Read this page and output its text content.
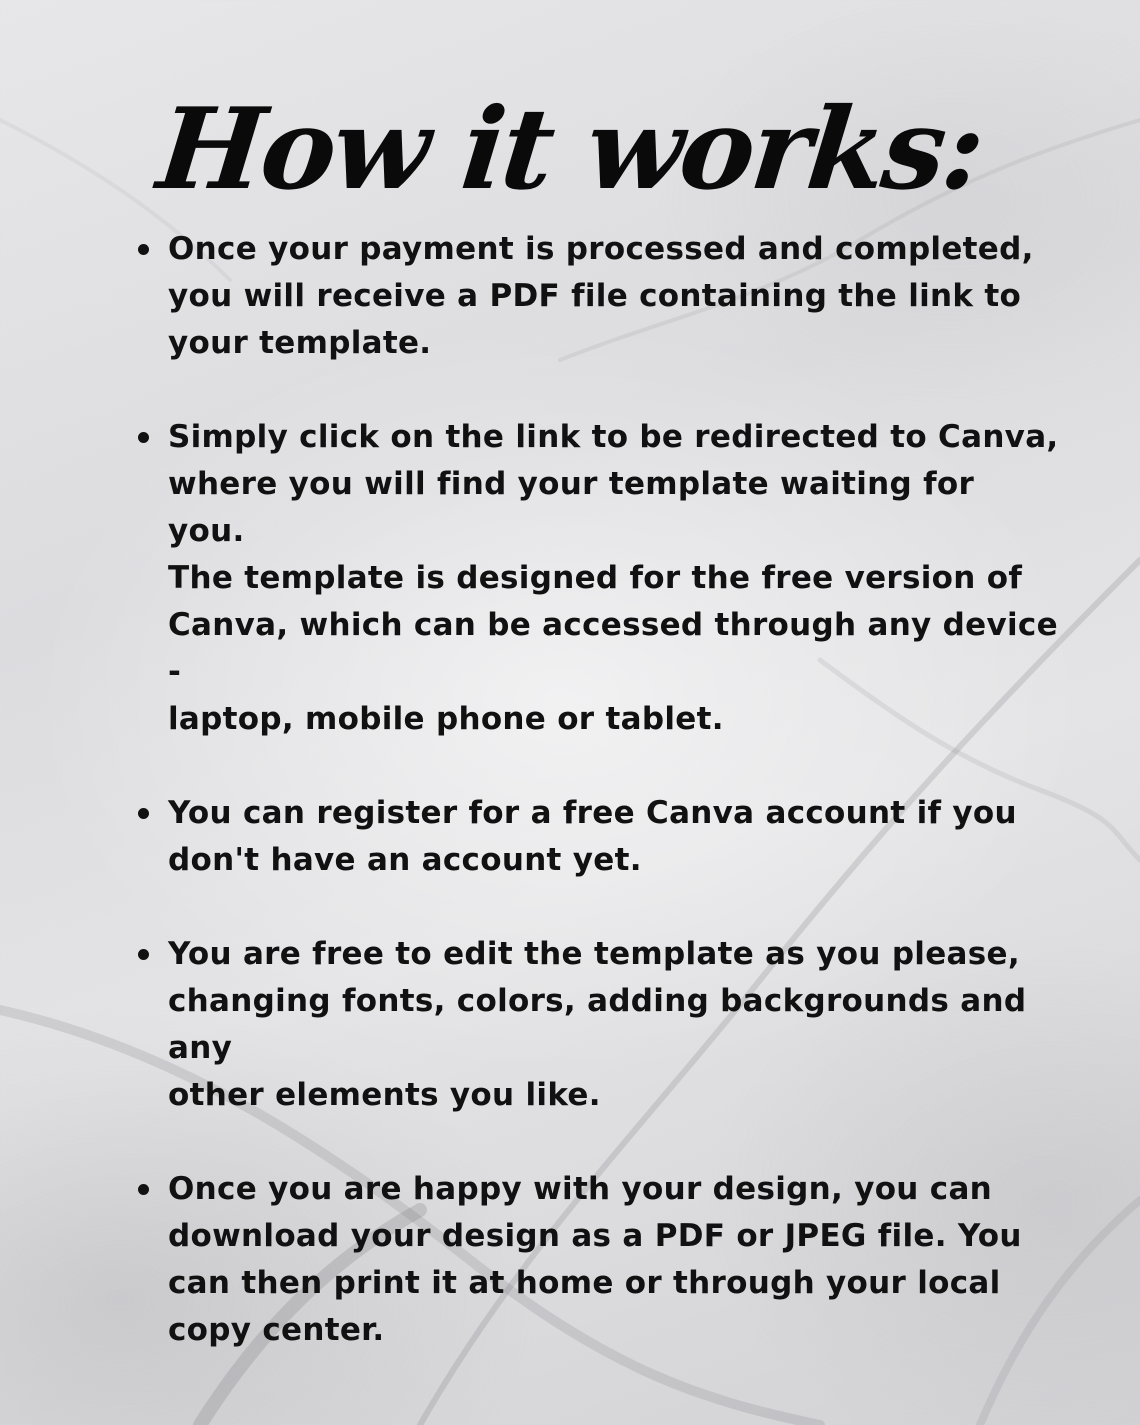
How it works:
Once your payment is processed and completed,
you will receive a PDF file containing the link to
your template.
Simply click on the link to be redirected to Canva,
where you will find your template waiting for you.
The template is designed for the free version of
Canva, which can be accessed through any device -
laptop, mobile phone or tablet.
You can register for a free Canva account if you
don't have an account yet.
You are free to edit the template as you please,
changing fonts, colors, adding backgrounds and any
other elements you like.
Once you are happy with your design, you can
download your design as a PDF or JPEG file. You
can then print it at home or through your local
copy center.
